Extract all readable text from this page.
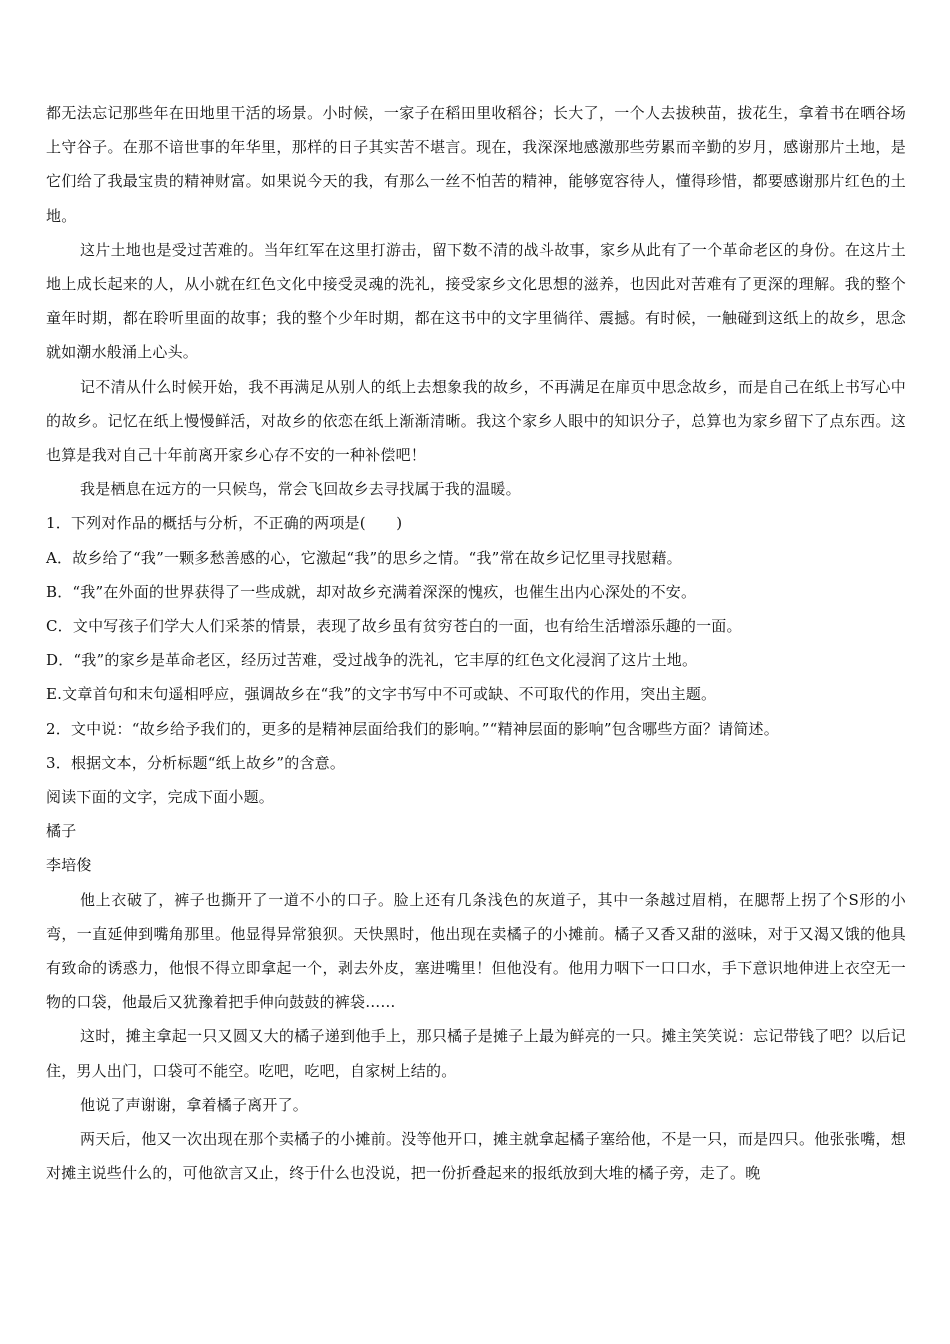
都无法忘记那些年在田地里干活的场景。小时候，一家子在稻田里收稻谷；长大了，一个人去拔秧苗，拔花生，拿着书在晒谷场上守谷子。在那不谙世事的年华里，那样的日子其实苦不堪言。现在，我深深地感激那些劳累而辛勤的岁月，感谢那片土地，是它们给了我最宝贵的精神财富。如果说今天的我，有那么一丝不怕苦的精神，能够宽容待人，懂得珍惜，都要感谢那片红色的土地。

这片土地也是受过苦难的。当年红军在这里打游击，留下数不清的战斗故事，家乡从此有了一个革命老区的身份。在这片土地上成长起来的人，从小就在红色文化中接受灵魂的洗礼，接受家乡文化思想的滋养，也因此对苦难有了更深的理解。我的整个童年时期，都在聆听里面的故事；我的整个少年时期，都在这书中的文字里徜徉、震撼。有时候，一触碰到这纸上的故乡，思念就如潮水般涌上心头。

记不清从什么时候开始，我不再满足从别人的纸上去想象我的故乡，不再满足在扉页中思念故乡，而是自己在纸上书写心中的故乡。记忆在纸上慢慢鲜活，对故乡的依恋在纸上渐渐清晰。我这个家乡人眼中的知识分子，总算也为家乡留下了点东西。这也算是我对自己十年前离开家乡心存不安的一种补偿吧！

我是栖息在远方的一只候鸟，常会飞回故乡去寻找属于我的温暖。

1．下列对作品的概括与分析，不正确的两项是(　　)

A．故乡给了“我”一颗多愁善感的心，它激起“我”的思乡之情。“我”常在故乡记忆里寻找慰藉。

B．“我”在外面的世界获得了一些成就，却对故乡充满着深深的愧疚，也催生出内心深处的不安。

C．文中写孩子们学大人们采茶的情景，表现了故乡虽有贫穷苍白的一面，也有给生活增添乐趣的一面。

D．“我”的家乡是革命老区，经历过苦难，受过战争的洗礼，它丰厚的红色文化浸润了这片土地。

E.文章首句和末句遥相呼应，强调故乡在“我”的文字书写中不可或缺、不可取代的作用，突出主题。

2．文中说：“故乡给予我们的，更多的是精神层面给我们的影响。”“精神层面的影响”包含哪些方面？请简述。

3．根据文本，分析标题“纸上故乡”的含意。

阅读下面的文字，完成下面小题。

橘子

李培俊

他上衣破了，裤子也撕开了一道不小的口子。脸上还有几条浅色的灰道子，其中一条越过眉梢，在腮帮上拐了个S形的小弯，一直延伸到嘴角那里。他显得异常狼狈。天快黑时，他出现在卖橘子的小摊前。橘子又香又甜的滋味，对于又渴又饿的他具有致命的诱惑力，他恨不得立即拿起一个，剥去外皮，塞进嘴里！但他没有。他用力咽下一口口水，手下意识地伸进上衣空无一物的口袋，他最后又犹豫着把手伸向鼓鼓的裤袋……

这时，摊主拿起一只又圆又大的橘子递到他手上，那只橘子是摊子上最为鲜亮的一只。摊主笑笑说：忘记带钱了吧？以后记住，男人出门，口袋可不能空。吃吧，吃吧，自家树上结的。

他说了声谢谢，拿着橘子离开了。

两天后，他又一次出现在那个卖橘子的小摊前。没等他开口，摊主就拿起橘子塞给他，不是一只，而是四只。他张张嘴，想对摊主说些什么的，可他欲言又止，终于什么也没说，把一份折叠起来的报纸放到大堆的橘子旁，走了。晚
